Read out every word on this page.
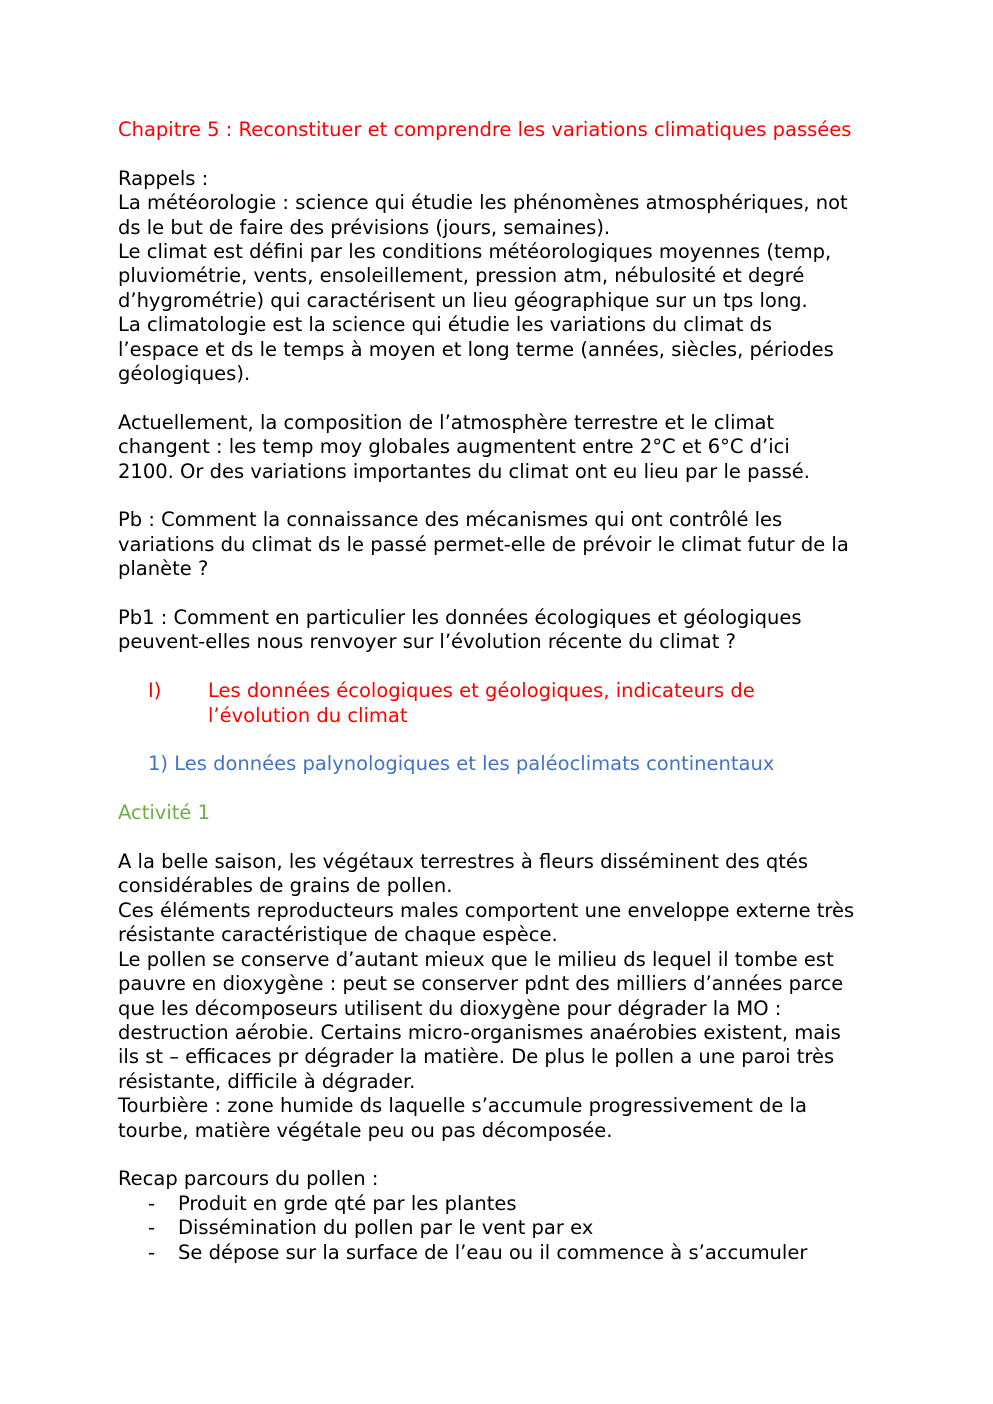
Chapitre 5 : Reconstituer et comprendre les variations climatiques passées
Rappels :
La météorologie : science qui étudie les phénomènes atmosphériques, not
ds le but de faire des prévisions (jours, semaines).
Le climat est défini par les conditions météorologiques moyennes (temp,
pluviométrie, vents, ensoleillement, pression atm, nébulosité et degré
d’hygrométrie) qui caractérisent un lieu géographique sur un tps long.
La climatologie est la science qui étudie les variations du climat ds
l’espace et ds le temps à moyen et long terme (années, siècles, périodes
géologiques).
Actuellement, la composition de l’atmosphère terrestre et le climat
changent : les temp moy globales augmentent entre 2°C et 6°C d’ici
2100. Or des variations importantes du climat ont eu lieu par le passé.
Pb : Comment la connaissance des mécanismes qui ont contrôlé les
variations du climat ds le passé permet-elle de prévoir le climat futur de la
planète ?
Pb1 : Comment en particulier les données écologiques et géologiques
peuvent-elles nous renvoyer sur l’évolution récente du climat ?
I) Les données écologiques et géologiques, indicateurs de
l’évolution du climat
1) Les données palynologiques et les paléoclimats continentaux
Activité 1
A la belle saison, les végétaux terrestres à fleurs disséminent des qtés
considérables de grains de pollen.
Ces éléments reproducteurs males comportent une enveloppe externe très
résistante caractéristique de chaque espèce.
Le pollen se conserve d’autant mieux que le milieu ds lequel il tombe est
pauvre en dioxygène : peut se conserver pdnt des milliers d’années parce
que les décomposeurs utilisent du dioxygène pour dégrader la MO :
destruction aérobie. Certains micro-organismes anaérobies existent, mais
ils st – efficaces pr dégrader la matière. De plus le pollen a une paroi très
résistante, difficile à dégrader.
Tourbière : zone humide ds laquelle s’accumule progressivement de la
tourbe, matière végétale peu ou pas décomposée.
Recap parcours du pollen :
- Produit en grde qté par les plantes
- Dissémination du pollen par le vent par ex
- Se dépose sur la surface de l’eau ou il commence à s’accumuler
